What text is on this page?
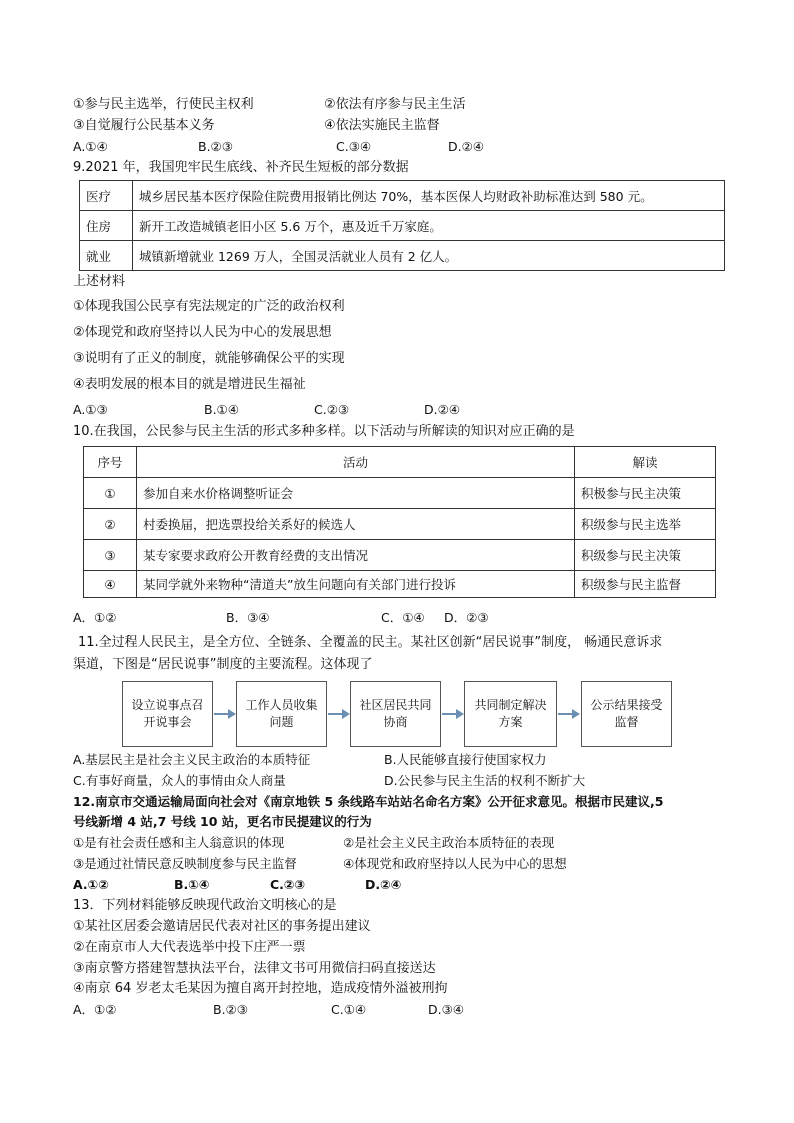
①参与民主选举，行使民主权利	②依法有序参与民主生活
③自觉履行公民基本义务	④依法实施民主监督
A.①④	B.②③	C.③④	D.②④
9.2021 年，我国兜牢民生底线、补齐民生短板的部分数据
医疗	城乡居民基本医疗保险住院费用报销比例达 70%，基本医保人均财政补助标准达到 580 元。
住房	新开工改造城镇老旧小区 5.6 万个，惠及近千万家庭。
就业	城镇新增就业 1269 万人，全国灵活就业人员有 2 亿人。
上述材料
①体现我国公民享有宪法规定的广泛的政治权利
②体现党和政府坚持以人民为中心的发展思想
③说明有了正义的制度，就能够确保公平的实现
④表明发展的根本目的就是增进民生福祉
A.①③	B.①④	C.②③	D.②④
10.在我国，公民参与民主生活的形式多种多样。以下活动与所解读的知识对应正确的是
序号	活动	解读
①	参加自来水价格调整听证会	积极参与民主决策
②	村委换届，把选票投给关系好的候选人	积级参与民主选举
③	某专家要求政府公开教育经费的支出情况	积级参与民主决策
④	某同学就外来物种“清道夫”放生问题向有关部门进行投诉	积级参与民主监督
A．①②	B．③④	C．①④ D．②③
11.全过程人民民主，是全方位、全链条、全覆盖的民主。某社区创新“居民说事”制度， 畅通民意诉求
渠道，下图是“居民说事”制度的主要流程。这体现了
设立说事点召开说事会
工作人员收集问题
社区居民共同协商
共同制定解决方案
公示结果接受监督
A.基层民主是社会主义民主政治的本质特征	B.人民能够直接行使国家权力
C.有事好商量，众人的事情由众人商量	D.公民参与民主生活的权利不断扩大
12.南京市交通运输局面向社会对《南京地铁 5 条线路车站站名命名方案》公开征求意见。根据市民建议,5
号线新增 4 站,7 号线 10 站，更名市民提建议的行为
①是有社会责任感和主人翁意识的体现	②是社会主义民主政治本质特征的表现
③是通过社情民意反映制度参与民主监督	④体现党和政府坚持以人民为中心的思想
A.①②	B.①④	C.②③	D.②④
13．下列材料能够反映现代政治文明核心的是
①某社区居委会邀请居民代表对社区的事务提出建议
②在南京市人大代表选举中投下庄严一票
③南京警方搭建智慧执法平台，法律文书可用微信扫码直接送达
④南京 64 岁老太毛某因为擅自离开封控地，造成疫情外溢被刑拘
A．①②	B.②③	C.①④	D.③④
